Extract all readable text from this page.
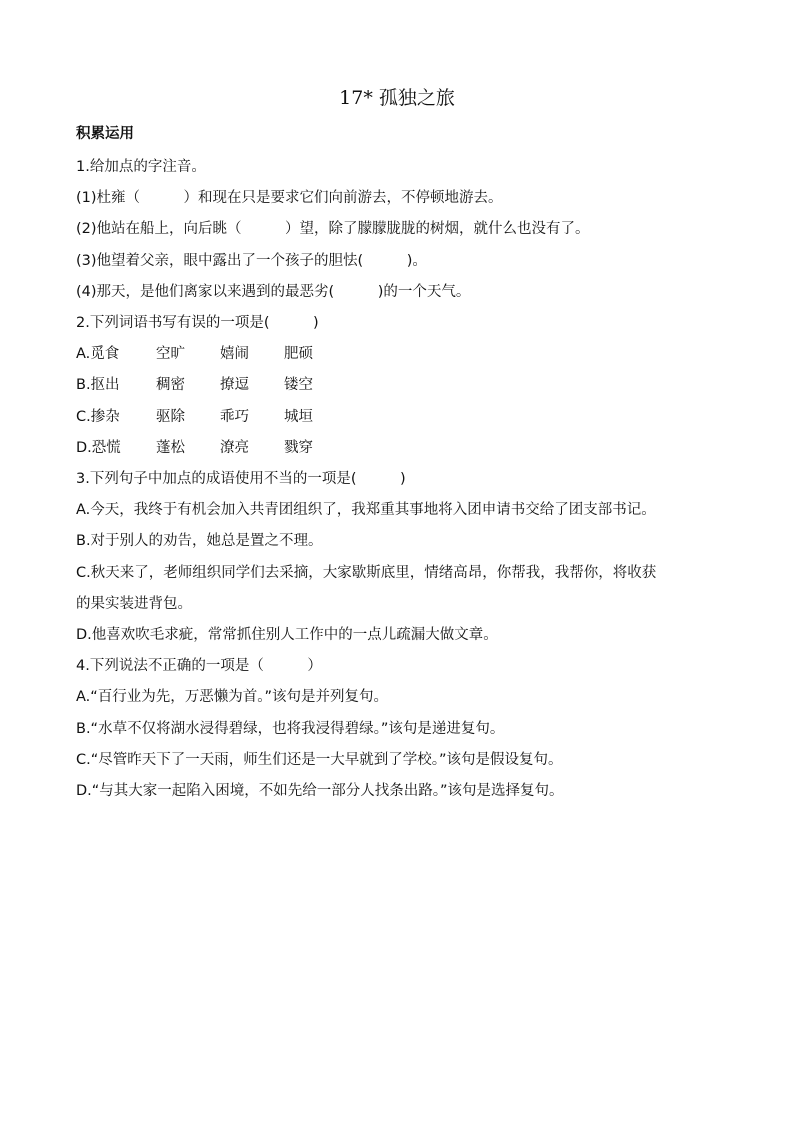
17* 孤独之旅
积累运用
1.给加点的字注音。
(1)杜雍（　　　）和现在只是要求它们向前游去，不停顿地游去。
(2)他站在船上，向后眺（　　　）望，除了朦朦胧胧的树烟，就什么也没有了。
(3)他望着父亲，眼中露出了一个孩子的胆怯(　　　)。
(4)那天，是他们离家以来遇到的最恶劣(　　　)的一个天气。
2.下列词语书写有误的一项是(　　　)
A.觅食	空旷	嬉闹	肥硕
B.抠出	稠密	撩逗	镂空
C.掺杂	驱除	乖巧	城垣
D.恐慌	蓬松	潦亮	戮穿
3.下列句子中加点的成语使用不当的一项是(　　　)
A.今天，我终于有机会加入共青团组织了，我郑重其事地将入团申请书交给了团支部书记。
B.对于别人的劝告，她总是置之不理。
C.秋天来了，老师组织同学们去采摘，大家歇斯底里，情绪高昂，你帮我，我帮你，将收获
的果实装进背包。
D.他喜欢吹毛求疵，常常抓住别人工作中的一点儿疏漏大做文章。
4.下列说法不正确的一项是（　　　）
A.“百行业为先，万恶懒为首。”该句是并列复句。
B.“水草不仅将湖水浸得碧绿，也将我浸得碧绿。”该句是递进复句。
C.“尽管昨天下了一天雨，师生们还是一大早就到了学校。”该句是假设复句。
D.“与其大家一起陷入困境，不如先给一部分人找条出路。”该句是选择复句。
